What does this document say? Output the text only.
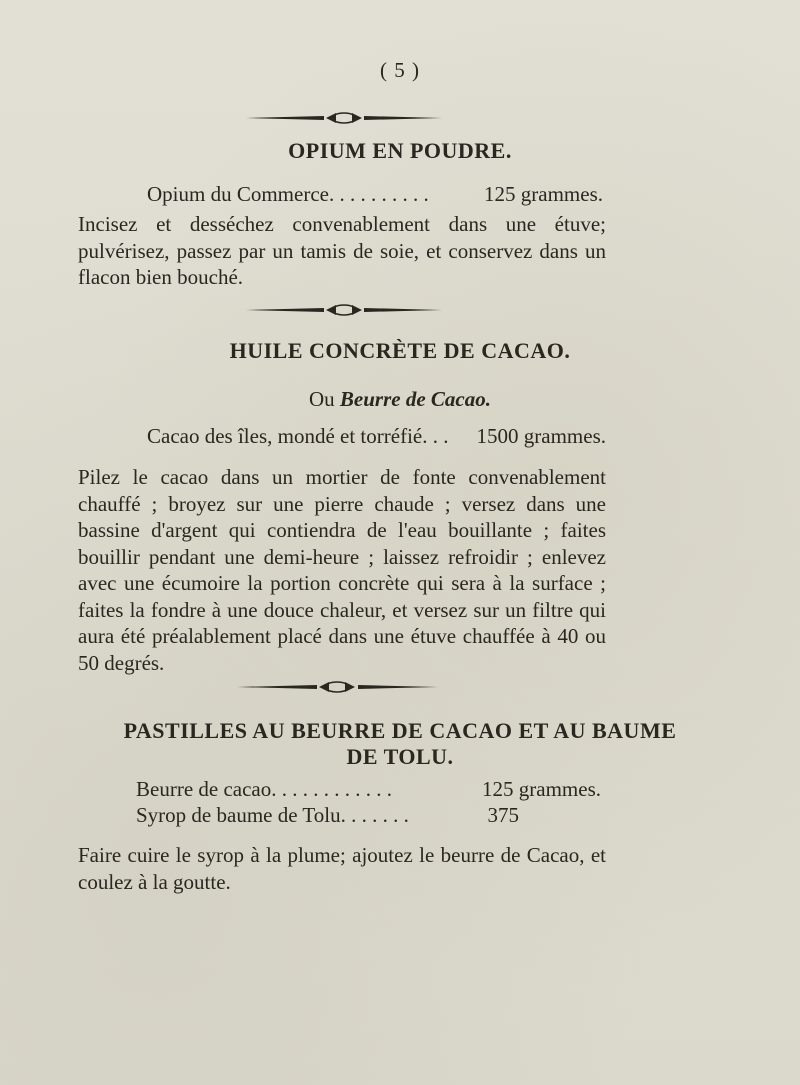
( 5 )
OPIUM EN POUDRE.
Opium du Commerce. . . . . . . . . .	125 grammes.
Incisez et desséchez convenablement dans une étuve; pulvérisez, passez par un tamis de soie, et conservez dans un flacon bien bouché.
HUILE CONCRÈTE DE CACAO.
Ou Beurre de Cacao.
Cacao des îles, mondé et torréfié. . . 1500 grammes.
Pilez le cacao dans un mortier de fonte convenablement chauffé ; broyez sur une pierre chaude ; versez dans une bassine d'argent qui contiendra de l'eau bouillante ; faites bouillir pendant une demi-heure ; laissez refroidir ; enlevez avec une écumoire la portion concrète qui sera à la surface ; faites la fondre à une douce chaleur, et versez sur un filtre qui aura été préalablement placé dans une étuve chauffée à 40 ou 50 degrés.
PASTILLES AU BEURRE DE CACAO ET AU BAUME
DE TOLU.
Beurre de cacao. . . . . . . . . . . .	125 grammes.
Syrop de baume de Tolu. . . . . . .	375
Faire cuire le syrop à la plume; ajoutez le beurre de Cacao, et coulez à la goutte.
